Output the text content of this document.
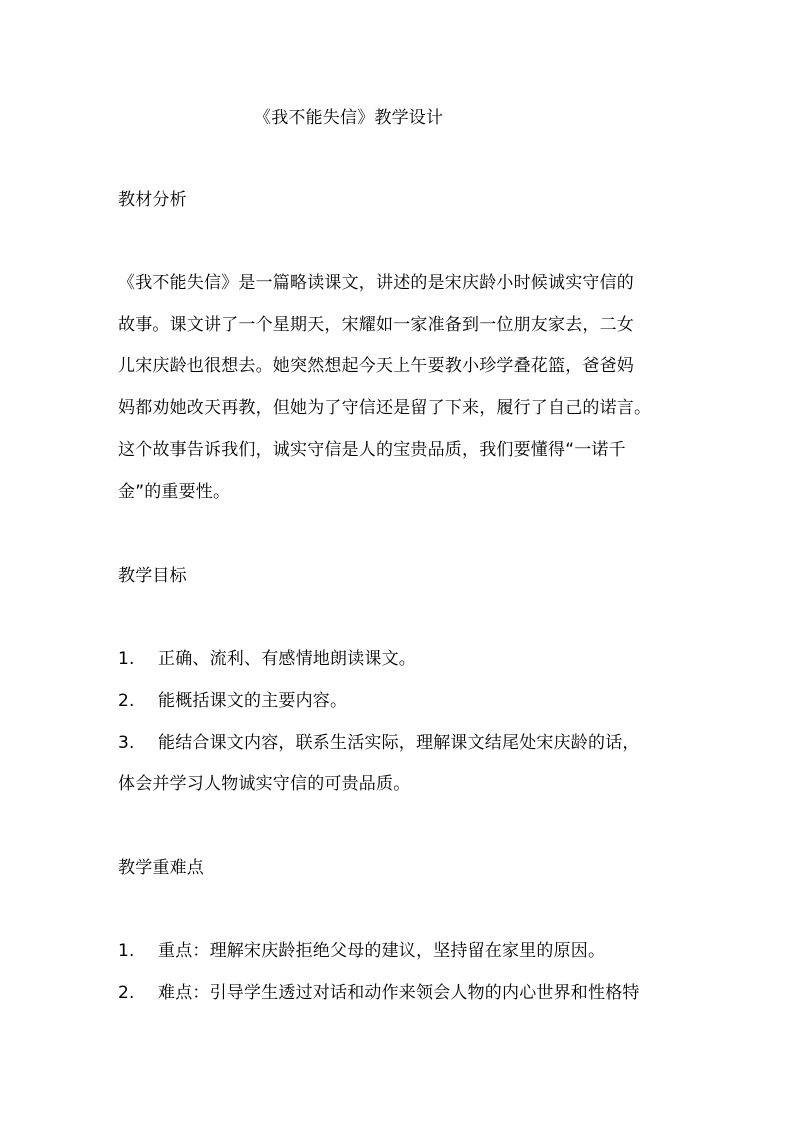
《我不能失信》教学设计
教材分析
《我不能失信》是一篇略读课文，讲述的是宋庆龄小时候诚实守信的
故事。课文讲了一个星期天，宋耀如一家准备到一位朋友家去，二女
儿宋庆龄也很想去。她突然想起今天上午要教小珍学叠花篮，爸爸妈
妈都劝她改天再教，但她为了守信还是留了下来，履行了自己的诺言。
这个故事告诉我们，诚实守信是人的宝贵品质，我们要懂得“一诺千
金”的重要性。
教学目标
1. 正确、流利、有感情地朗读课文。
2. 能概括课文的主要内容。
3. 能结合课文内容，联系生活实际，理解课文结尾处宋庆龄的话，
体会并学习人物诚实守信的可贵品质。
教学重难点
1. 重点：理解宋庆龄拒绝父母的建议，坚持留在家里的原因。
2. 难点：引导学生透过对话和动作来领会人物的内心世界和性格特
